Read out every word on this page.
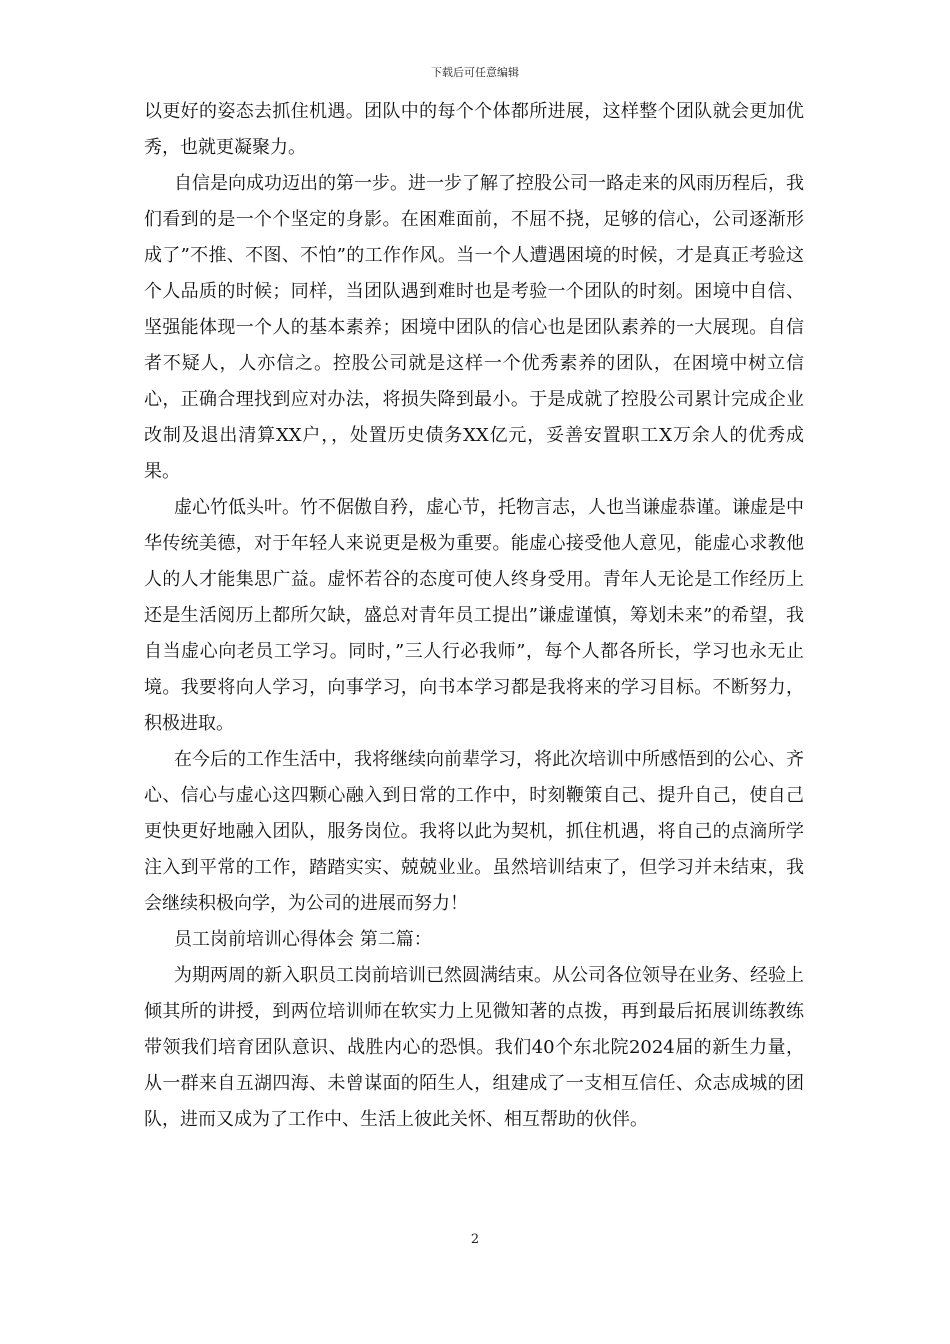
下载后可任意编辑

以更好的姿态去抓住机遇。团队中的每个个体都所进展，这样整个团队就会更加优秀，也就更凝聚力。

自信是向成功迈出的第一步。进一步了解了控股公司一路走来的风雨历程后，我们看到的是一个个坚定的身影。在困难面前，不屈不挠，足够的信心，公司逐渐形成了”不推、不图、不怕”的工作作风。当一个人遭遇困境的时候，才是真正考验这个人品质的时候；同样，当团队遇到难时也是考验一个团队的时刻。困境中自信、坚强能体现一个人的基本素养；困境中团队的信心也是团队素养的一大展现。自信者不疑人，人亦信之。控股公司就是这样一个优秀素养的团队，在困境中树立信心，正确合理找到应对办法，将损失降到最小。于是成就了控股公司累计完成企业改制及退出清算XX户，，处置历史债务XX亿元，妥善安置职工X万余人的优秀成果。

虚心竹低头叶。竹不倨傲自矜，虚心节，托物言志，人也当谦虚恭谨。谦虚是中华传统美德，对于年轻人来说更是极为重要。能虚心接受他人意见，能虚心求教他人的人才能集思广益。虚怀若谷的态度可使人终身受用。青年人无论是工作经历上还是生活阅历上都所欠缺，盛总对青年员工提出”谦虚谨慎，筹划未来”的希望，我自当虚心向老员工学习。同时，”三人行必我师”，每个人都各所长，学习也永无止境。我要将向人学习，向事学习，向书本学习都是我将来的学习目标。不断努力，积极进取。

在今后的工作生活中，我将继续向前辈学习，将此次培训中所感悟到的公心、齐心、信心与虚心这四颗心融入到日常的工作中，时刻鞭策自己、提升自己，使自己更快更好地融入团队，服务岗位。我将以此为契机，抓住机遇，将自己的点滴所学注入到平常的工作，踏踏实实、兢兢业业。虽然培训结束了，但学习并未结束，我会继续积极向学，为公司的进展而努力！

员工岗前培训心得体会 第二篇：

为期两周的新入职员工岗前培训已然圆满结束。从公司各位领导在业务、经验上倾其所的讲授，到两位培训师在软实力上见微知著的点拨，再到最后拓展训练教练带领我们培育团队意识、战胜内心的恐惧。我们40个东北院2024届的新生力量，从一群来自五湖四海、未曾谋面的陌生人，组建成了一支相互信任、众志成城的团队，进而又成为了工作中、生活上彼此关怀、相互帮助的伙伴。

2
